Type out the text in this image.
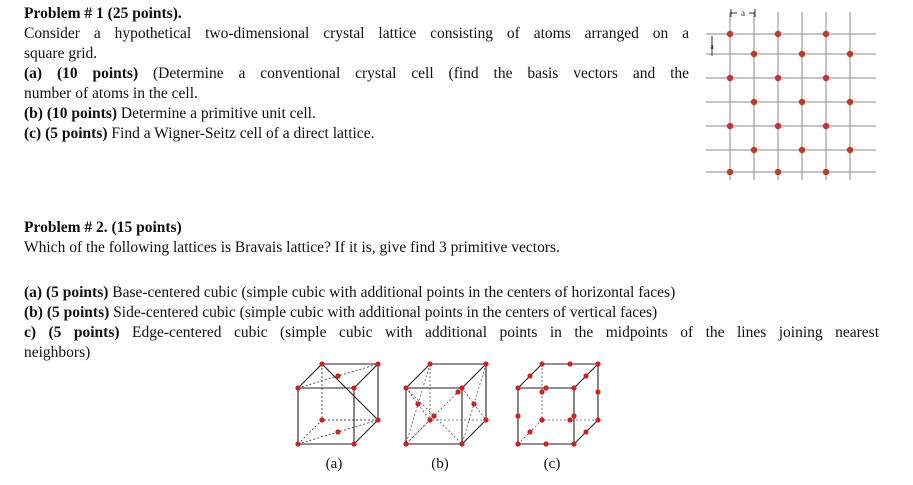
Problem # 1 (25 points).
Consider a hypothetical two-dimensional crystal lattice consisting of atoms arranged on a
square grid.
(a) (10 points) (Determine a conventional crystal cell (find the basis vectors and the
number of atoms in the cell.
(b) (10 points) Determine a primitive unit cell.
(c) (5 points) Find a Wigner-Seitz cell of a direct lattice.
a
a
Problem # 2. (15 points)
Which of the following lattices is Bravais lattice? If it is, give find 3 primitive vectors.
(a) (5 points) Base-centered cubic (simple cubic with additional points in the centers of horizontal faces)
(b) (5 points) Side-centered cubic (simple cubic with additional points in the centers of vertical faces)
c) (5 points) Edge-centered cubic (simple cubic with additional points in the midpoints of the lines joining nearest
neighbors)
(a)	(b)	(c)
